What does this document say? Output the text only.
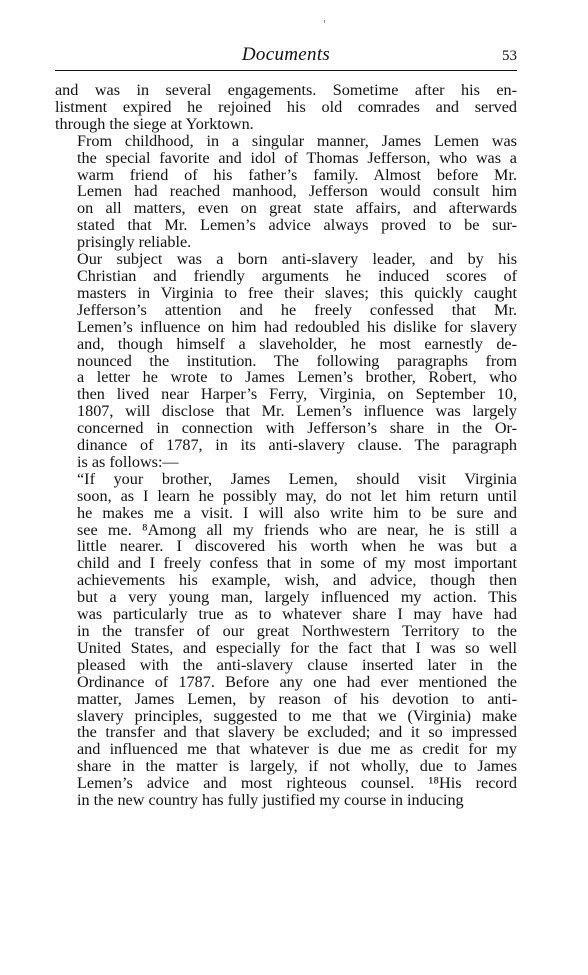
Documents	53

and was in several engagements. Sometime after his en-
listment expired he rejoined his old comrades and served
through the siege at Yorktown.

From childhood, in a singular manner, James Lemen was
the special favorite and idol of Thomas Jefferson, who was a
warm friend of his father’s family. Almost before Mr.
Lemen had reached manhood, Jefferson would consult him
on all matters, even on great state affairs, and afterwards
stated that Mr. Lemen’s advice always proved to be sur-
prisingly reliable.

Our subject was a born anti-slavery leader, and by his
Christian and friendly arguments he induced scores of
masters in Virginia to free their slaves; this quickly caught
Jefferson’s attention and he freely confessed that Mr.
Lemen’s influence on him had redoubled his dislike for slavery
and, though himself a slaveholder, he most earnestly de-
nounced the institution. The following paragraphs from
a letter he wrote to James Lemen’s brother, Robert, who
then lived near Harper’s Ferry, Virginia, on September 10,
1807, will disclose that Mr. Lemen’s influence was largely
concerned in connection with Jefferson’s share in the Or-
dinance of 1787, in its anti-slavery clause. The paragraph
is as follows:—

“If your brother, James Lemen, should visit Virginia
soon, as I learn he possibly may, do not let him return until
he makes me a visit. I will also write him to be sure and
see me. ⁸Among all my friends who are near, he is still a
little nearer. I discovered his worth when he was but a
child and I freely confess that in some of my most important
achievements his example, wish, and advice, though then
but a very young man, largely influenced my action. This
was particularly true as to whatever share I may have had
in the transfer of our great Northwestern Territory to the
United States, and especially for the fact that I was so well
pleased with the anti-slavery clause inserted later in the
Ordinance of 1787. Before any one had ever mentioned the
matter, James Lemen, by reason of his devotion to anti-
slavery principles, suggested to me that we (Virginia) make
the transfer and that slavery be excluded; and it so impressed
and influenced me that whatever is due me as credit for my
share in the matter is largely, if not wholly, due to James
Lemen’s advice and most righteous counsel. ¹⁸His record
in the new country has fully justified my course in inducing
